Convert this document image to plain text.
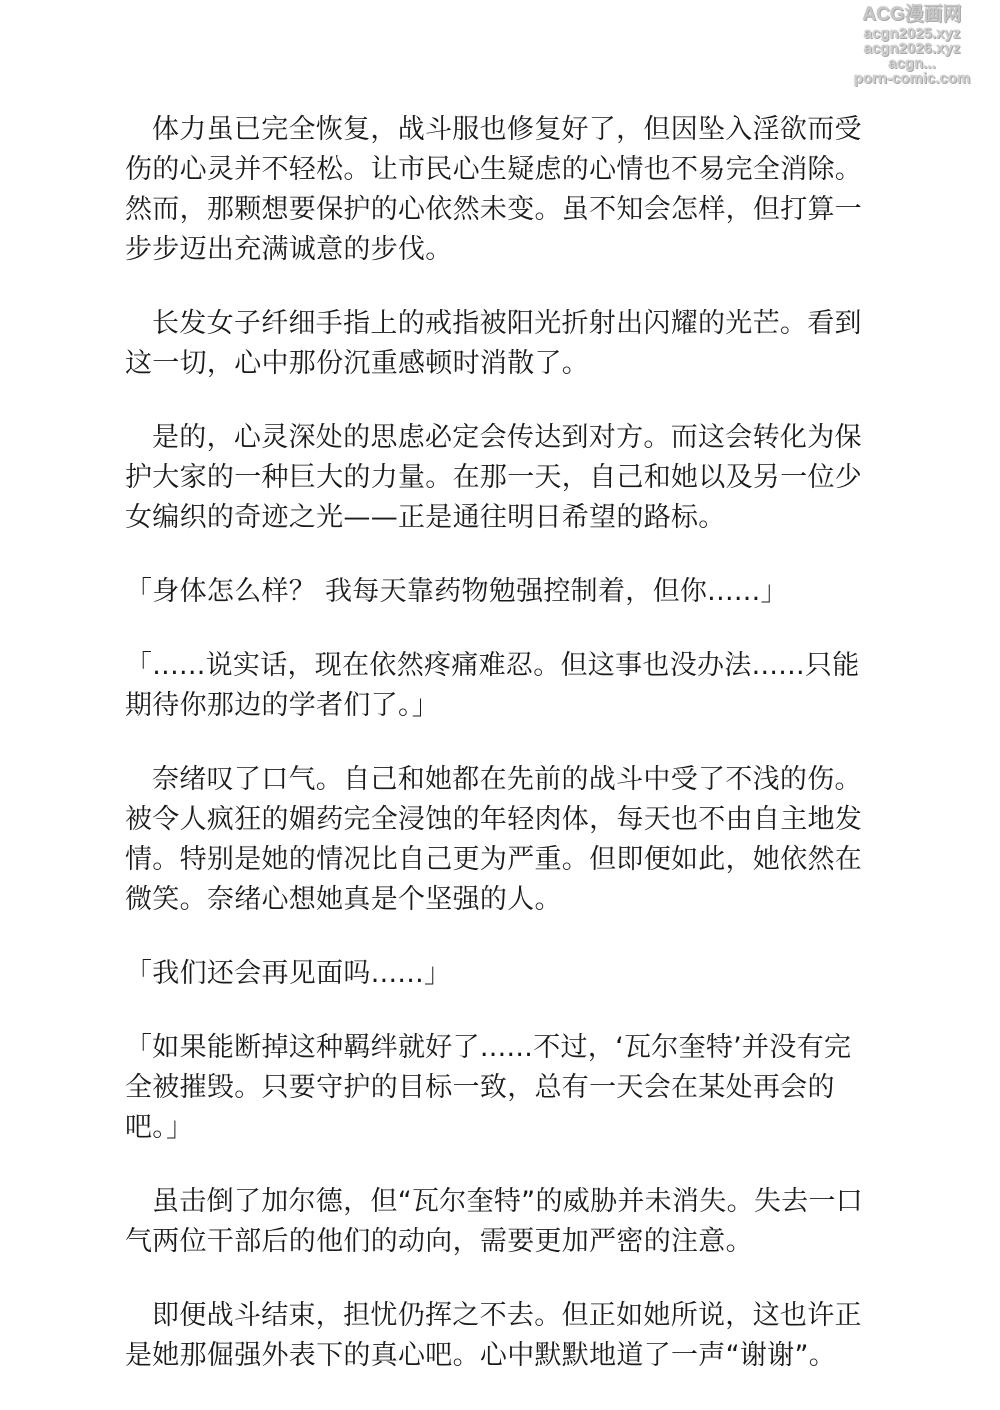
ACG漫画网
acgn2025.xyz
acgn2026.xyz
acgn...
porn-comic.com

体力虽已完全恢复，战斗服也修复好了，但因坠入淫欲而受伤的心灵并不轻松。让市民心生疑虑的心情也不易完全消除。然而，那颗想要保护的心依然未变。虽不知会怎样，但打算一步步迈出充满诚意的步伐。

长发女子纤细手指上的戒指被阳光折射出闪耀的光芒。看到这一切，心中那份沉重感顿时消散了。

是的，心灵深处的思虑必定会传达到对方。而这会转化为保护大家的一种巨大的力量。在那一天，自己和她以及另一位少女编织的奇迹之光——正是通往明日希望的路标。

「身体怎么样？ 我每天靠药物勉强控制着，但你......」

「......说实话，现在依然疼痛难忍。但这事也没办法......只能期待你那边的学者们了。」

奈绪叹了口气。自己和她都在先前的战斗中受了不浅的伤。被令人疯狂的媚药完全浸蚀的年轻肉体，每天也不由自主地发情。特别是她的情况比自己更为严重。但即便如此，她依然在微笑。奈绪心想她真是个坚强的人。

「我们还会再见面吗......」

「如果能断掉这种羁绊就好了......不过，‘瓦尔奎特’并没有完全被摧毁。只要守护的目标一致，总有一天会在某处再会的吧。」

虽击倒了加尔德，但“瓦尔奎特”的威胁并未消失。失去一口气两位干部后的他们的动向，需要更加严密的注意。

即便战斗结束，担忧仍挥之不去。但正如她所说，这也许正是她那倔强外表下的真心吧。心中默默地道了一声“谢谢”。
